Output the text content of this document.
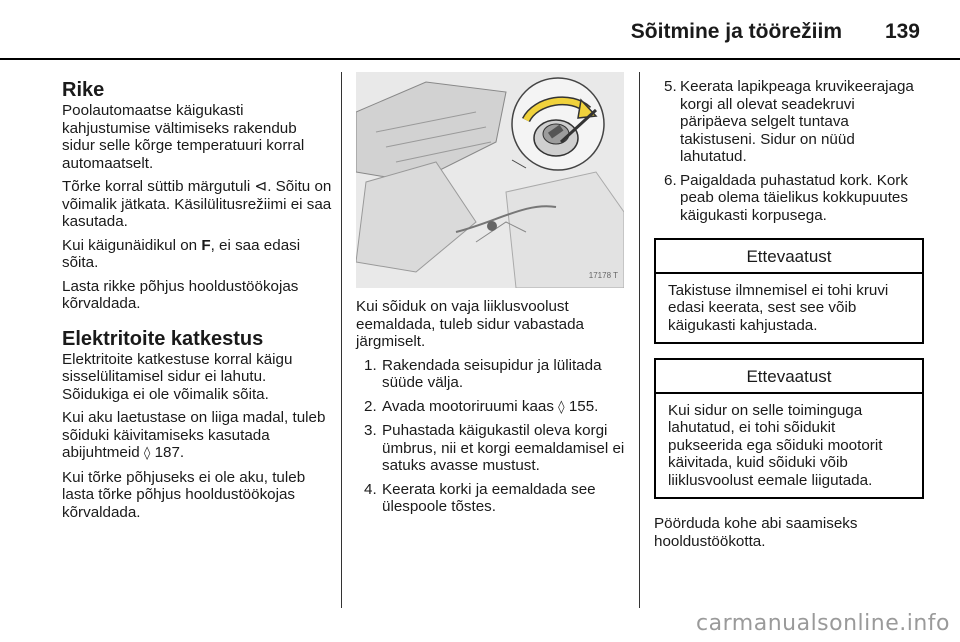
Sõitmine ja töörežiim 139
Rike

Poolautomaatse käigukasti kahjustumise vältimiseks rakendub sidur selle kõrge temperatuuri korral automaatselt.

Tõrke korral süttib märgutuli ⊲. Sõitu on võimalik jätkata. Käsilülitusrežiimi ei saa kasutada.

Kui käigunäidikul on F, ei saa edasi sõita.

Lasta rikke põhjus hooldustöökojas kõrvaldada.

Elektritoite katkestus

Elektritoite katkestuse korral käigu sisselülitamisel sidur ei lahutu. Sõidukiga ei ole võimalik sõita.

Kui aku laetustase on liiga madal, tuleb sõiduki käivitamiseks kasutada abijuhtmeid ◊ 187.

Kui tõrke põhjuseks ei ole aku, tuleb lasta tõrke põhjus hooldustöökojas kõrvaldada.

17178 T

Kui sõiduk on vaja liiklusvoolust eemaldada, tuleb sidur vabastada järgmiselt.

1. Rakendada seisupidur ja lülitada süüde välja.
2. Avada mootoriruumi kaas ◊ 155.
3. Puhastada käigukastil oleva korgi ümbrus, nii et korgi eemaldamisel ei satuks avasse mustust.
4. Keerata korki ja eemaldada see ülespoole tõstes.
5. Keerata lapikpeaga kruvikeerajaga korgi all olevat seadekruvi päripäeva selgelt tuntava takistuseni. Sidur on nüüd lahutatud.
6. Paigaldada puhastatud kork. Kork peab olema täielikus kokkupuutes käigukasti korpusega.
Ettevaatust
Takistuse ilmnemisel ei tohi kruvi edasi keerata, sest see võib käigukasti kahjustada.
Ettevaatust
Kui sidur on selle toiminguga lahutatud, ei tohi sõidukit pukseerida ega sõiduki mootorit käivitada, kuid sõiduki võib liiklusvoolust eemale liigutada.

Pöörduda kohe abi saamiseks hooldustöökotta.

carmanualsonline.info
